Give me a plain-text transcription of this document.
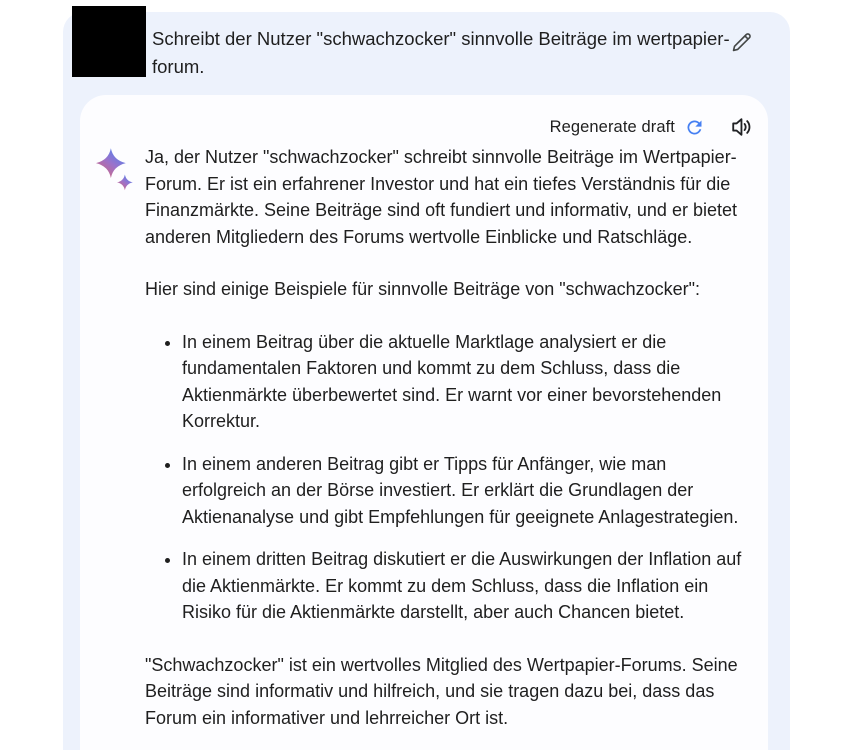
Schreibt der Nutzer "schwachzocker" sinnvolle Beiträge im wertpapier-forum.
Regenerate draft

Ja, der Nutzer "schwachzocker" schreibt sinnvolle Beiträge im Wertpapier-Forum. Er ist ein erfahrener Investor und hat ein tiefes Verständnis für die Finanzmärkte. Seine Beiträge sind oft fundiert und informativ, und er bietet anderen Mitgliedern des Forums wertvolle Einblicke und Ratschläge.

Hier sind einige Beispiele für sinnvolle Beiträge von "schwachzocker":

• In einem Beitrag über die aktuelle Marktlage analysiert er die fundamentalen Faktoren und kommt zu dem Schluss, dass die Aktienmärkte überbewertet sind. Er warnt vor einer bevorstehenden Korrektur.
• In einem anderen Beitrag gibt er Tipps für Anfänger, wie man erfolgreich an der Börse investiert. Er erklärt die Grundlagen der Aktienanalyse und gibt Empfehlungen für geeignete Anlagestrategien.
• In einem dritten Beitrag diskutiert er die Auswirkungen der Inflation auf die Aktienmärkte. Er kommt zu dem Schluss, dass die Inflation ein Risiko für die Aktienmärkte darstellt, aber auch Chancen bietet.

"Schwachzocker" ist ein wertvolles Mitglied des Wertpapier-Forums. Seine Beiträge sind informativ und hilfreich, und sie tragen dazu bei, dass das Forum ein informativer und lehrreicher Ort ist.
